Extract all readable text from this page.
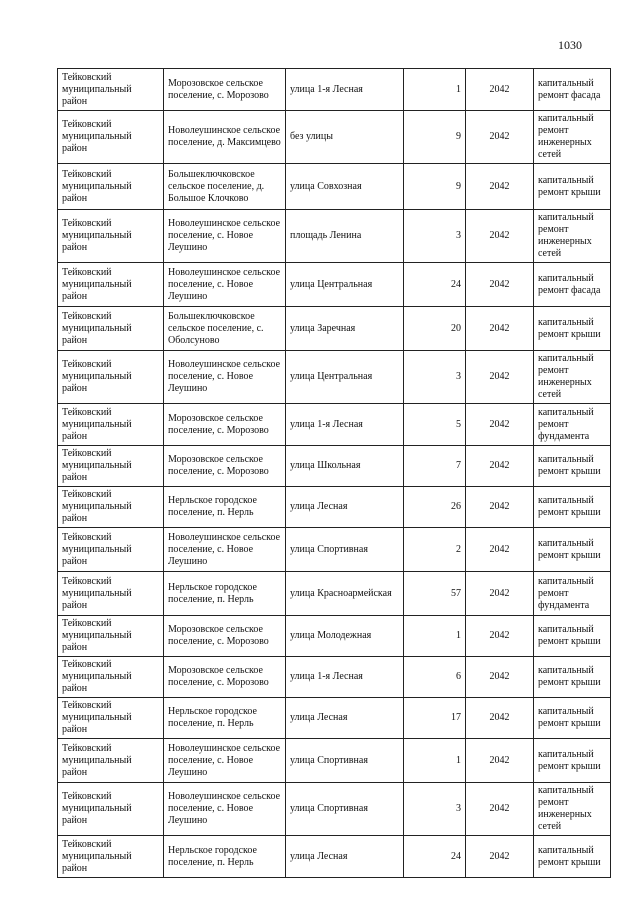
1030
Тейковский муниципальный район	Морозовское сельское поселение, с. Морозово	улица 1-я Лесная	1	2042	капитальный ремонт фасада
Тейковский муниципальный район	Новолеушинское сельское поселение, д. Максимцево	без улицы	9	2042	капитальный ремонт инженерных сетей
Тейковский муниципальный район	Большеключковское сельское поселение, д. Большое Клочково	улица Совхозная	9	2042	капитальный ремонт крыши
Тейковский муниципальный район	Новолеушинское сельское поселение, с. Новое Леушино	площадь Ленина	3	2042	капитальный ремонт инженерных сетей
Тейковский муниципальный район	Новолеушинское сельское поселение, с. Новое Леушино	улица Центральная	24	2042	капитальный ремонт фасада
Тейковский муниципальный район	Большеключковское сельское поселение, с. Оболсуново	улица Заречная	20	2042	капитальный ремонт крыши
Тейковский муниципальный район	Новолеушинское сельское поселение, с. Новое Леушино	улица Центральная	3	2042	капитальный ремонт инженерных сетей
Тейковский муниципальный район	Морозовское сельское поселение, с. Морозово	улица 1-я Лесная	5	2042	капитальный ремонт фундамента
Тейковский муниципальный район	Морозовское сельское поселение, с. Морозово	улица Школьная	7	2042	капитальный ремонт крыши
Тейковский муниципальный район	Нерльское городское поселение, п. Нерль	улица Лесная	26	2042	капитальный ремонт крыши
Тейковский муниципальный район	Новолеушинское сельское поселение, с. Новое Леушино	улица Спортивная	2	2042	капитальный ремонт крыши
Тейковский муниципальный район	Нерльское городское поселение, п. Нерль	улица Красноармейская	57	2042	капитальный ремонт фундамента
Тейковский муниципальный район	Морозовское сельское поселение, с. Морозово	улица Молодежная	1	2042	капитальный ремонт крыши
Тейковский муниципальный район	Морозовское сельское поселение, с. Морозово	улица 1-я Лесная	6	2042	капитальный ремонт крыши
Тейковский муниципальный район	Нерльское городское поселение, п. Нерль	улица Лесная	17	2042	капитальный ремонт крыши
Тейковский муниципальный район	Новолеушинское сельское поселение, с. Новое Леушино	улица Спортивная	1	2042	капитальный ремонт крыши
Тейковский муниципальный район	Новолеушинское сельское поселение, с. Новое Леушино	улица Спортивная	3	2042	капитальный ремонт инженерных сетей
Тейковский муниципальный район	Нерльское городское поселение, п. Нерль	улица Лесная	24	2042	капитальный ремонт крыши
